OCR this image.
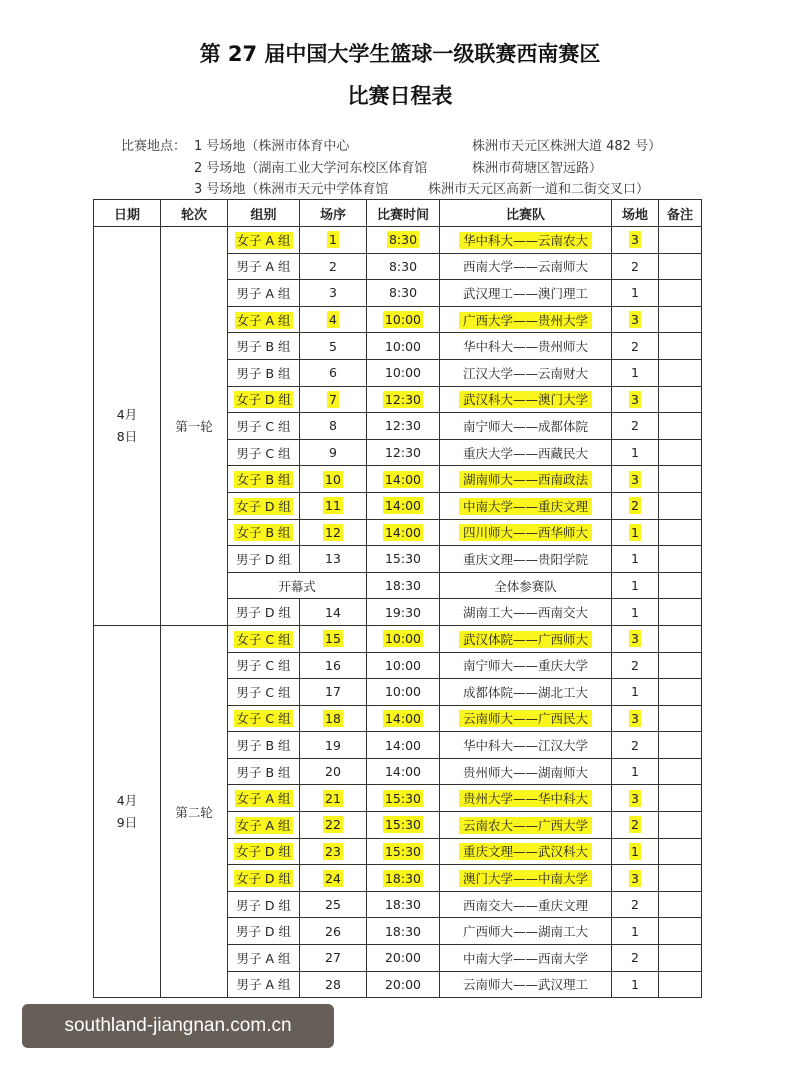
第 27 届中国大学生篮球一级联赛西南赛区
比赛日程表

比赛地点：

1 号场地（株洲市体育中心

	株洲市天元区株洲大道 482 号）

2 号场地（湖南工业大学河东校区体育馆

	株洲市荷塘区智远路）

3 号场地（株洲市天元中学体育馆

	株洲市天元区高新一道和二街交叉口）

日期	轮次	组别	场序	比赛时间	比赛队	场地	备注

4月
8日	第一轮	女子 A 组	1	8:30	华中科大——云南农大	3	
		男子 A 组	2	8:30	西南大学——云南师大	2	
		男子 A 组	3	8:30	武汉理工——澳门理工	1	
		女子 A 组	4	10:00	广西大学——贵州大学	3	
		男子 B 组	5	10:00	华中科大——贵州师大	2	
		男子 B 组	6	10:00	江汉大学——云南财大	1	
		女子 D 组	7	12:30	武汉科大——澳门大学	3	
		男子 C 组	8	12:30	南宁师大——成都体院	2	
		男子 C 组	9	12:30	重庆大学——西藏民大	1	
		女子 B 组	10	14:00	湖南师大——西南政法	3	
		女子 D 组	11	14:00	中南大学——重庆文理	2	
		女子 B 组	12	14:00	四川师大——西华师大	1	
		男子 D 组	13	15:30	重庆文理——贵阳学院	1	
		开幕式		18:30	全体参赛队	1	
		男子 D 组	14	19:30	湖南工大——西南交大	1	

4月
9日	第二轮	女子 C 组	15	10:00	武汉体院——广西师大	3	
		男子 C 组	16	10:00	南宁师大——重庆大学	2	
		男子 C 组	17	10:00	成都体院——湖北工大	1	
		女子 C 组	18	14:00	云南师大——广西民大	3	
		男子 B 组	19	14:00	华中科大——江汉大学	2	
		男子 B 组	20	14:00	贵州师大——湖南师大	1	
		女子 A 组	21	15:30	贵州大学——华中科大	3	
		女子 A 组	22	15:30	云南农大——广西大学	2	
		女子 D 组	23	15:30	重庆文理——武汉科大	1	
		女子 D 组	24	18:30	澳门大学——中南大学	3	
		男子 D 组	25	18:30	西南交大——重庆文理	2	
		男子 D 组	26	18:30	广西师大——湖南工大	1	
		男子 A 组	27	20:00	中南大学——西南大学	2	
		男子 A 组	28	20:00	云南师大——武汉理工	1	
southland-jiangnan.com.cn
